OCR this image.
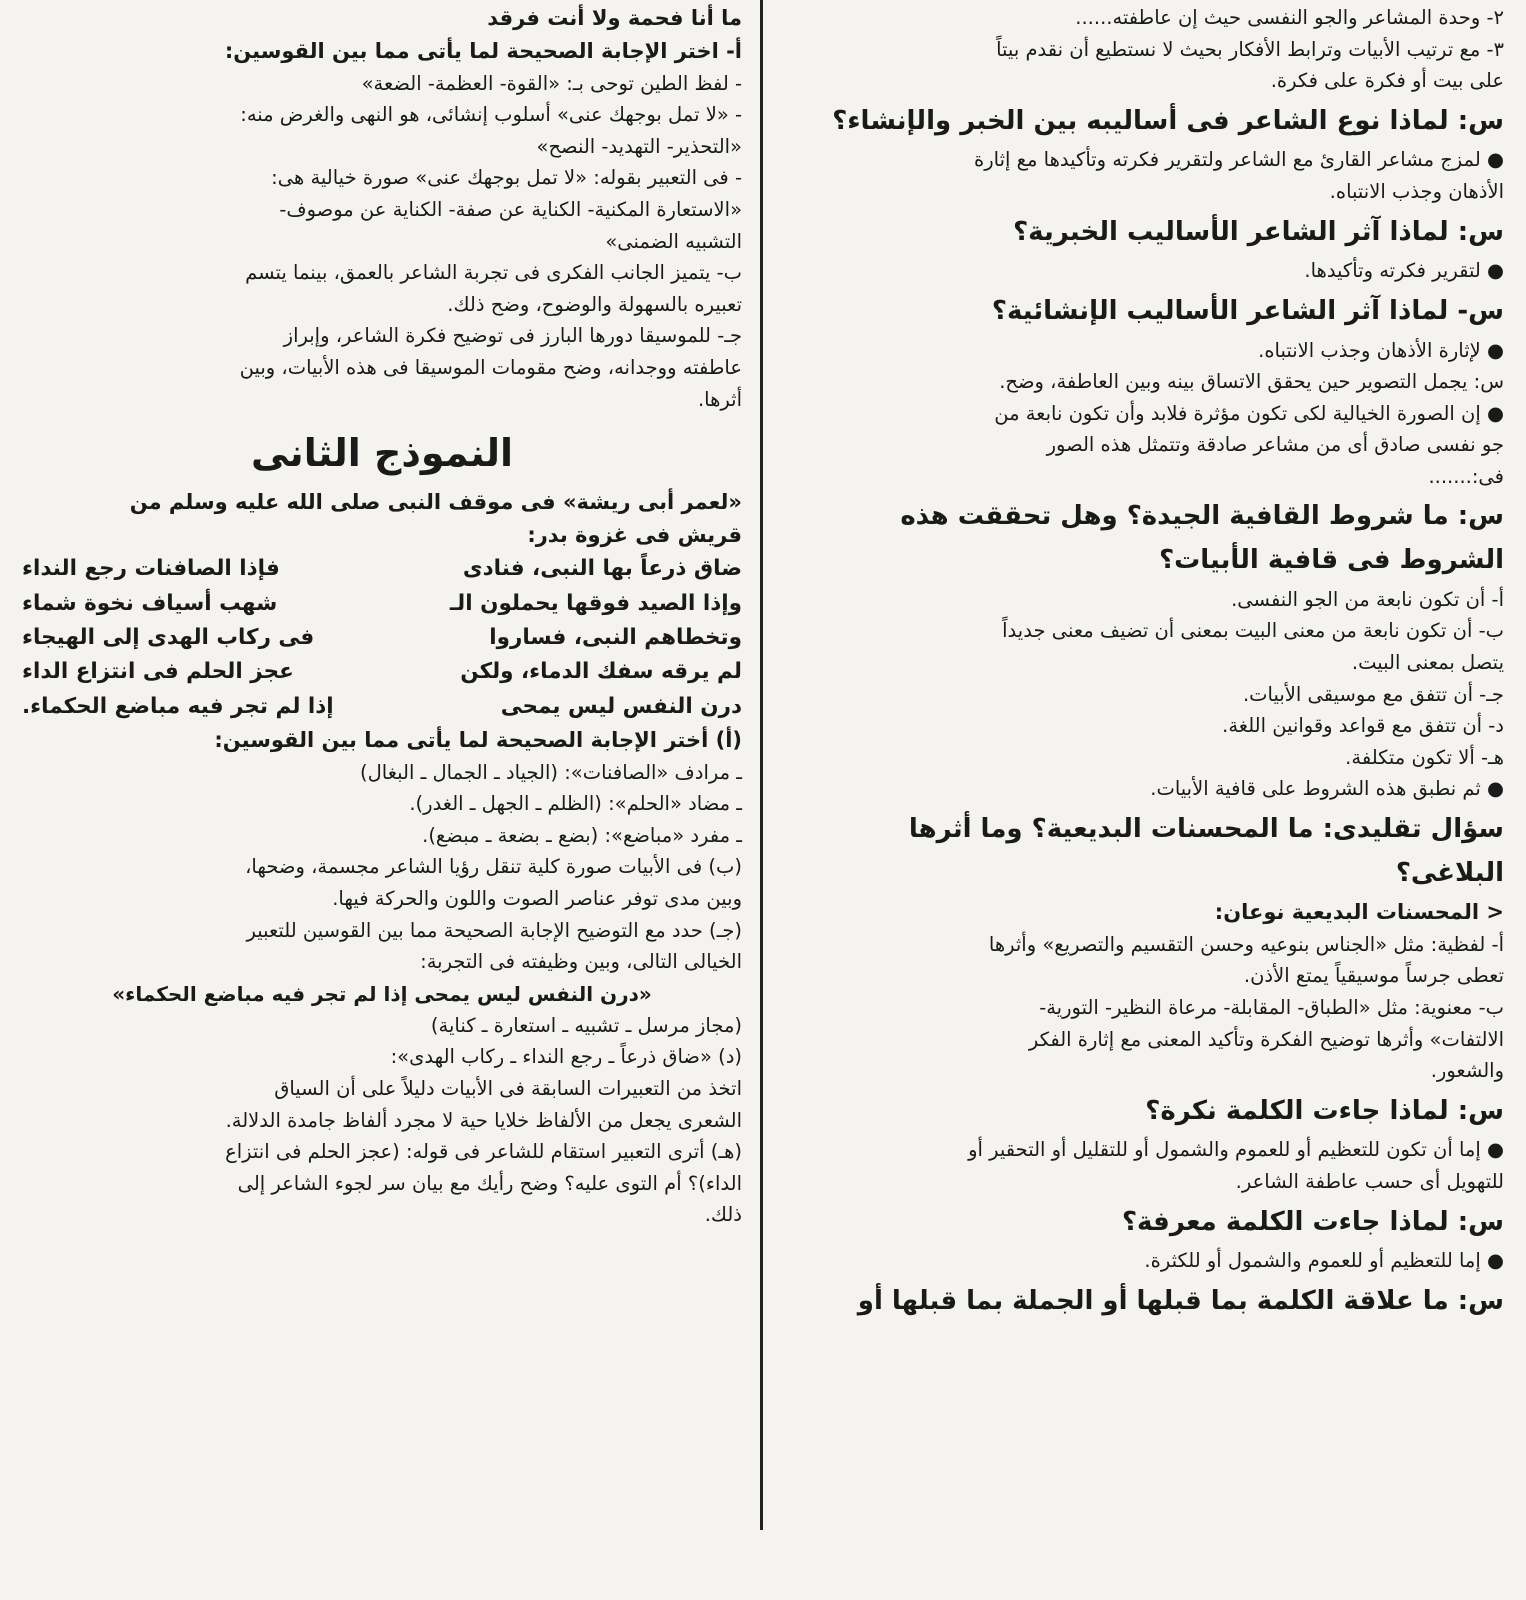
٢- وحدة المشاعر والجو النفسى حيث إن عاطفته......

٣- مع ترتيب الأبيات وترابط الأفكار بحيث لا نستطيع أن نقدم بيتاً

على بيت أو فكرة على فكرة.

س: لماذا نوع الشاعر فى أساليبه بين الخبر والإنشاء؟

● لمزج مشاعر القارئ مع الشاعر ولتقرير فكرته وتأكيدها مع إثارة

الأذهان وجذب الانتباه.

س: لماذا آثر الشاعر الأساليب الخبرية؟

● لتقرير فكرته وتأكيدها.

س- لماذا آثر الشاعر الأساليب الإنشائية؟

● لإثارة الأذهان وجذب الانتباه.

س: يجمل التصوير حين يحقق الاتساق بينه وبين العاطفة، وضح.

● إن الصورة الخيالية لكى تكون مؤثرة فلابد وأن تكون نابعة من

جو نفسى صادق أى من مشاعر صادقة وتتمثل هذه الصور

فى:.......

س: ما شروط القافية الجيدة؟ وهل تحققت هذه

الشروط فى قافية الأبيات؟

أ- أن تكون نابعة من الجو النفسى.

ب- أن تكون نابعة من معنى البيت بمعنى أن تضيف معنى جديداً

يتصل بمعنى البيت.

جـ- أن تتفق مع موسيقى الأبيات.

د- أن تتفق مع قواعد وقوانين اللغة.

هـ- ألا تكون متكلفة.

● ثم نطبق هذه الشروط على قافية الأبيات.

سؤال تقليدى: ما المحسنات البديعية؟ وما أثرها

البلاغى؟

< المحسنات البديعية نوعان:

أ- لفظية: مثل «الجناس بنوعيه وحسن التقسيم والتصريع» وأثرها

تعطى جرساً موسيقياً يمتع الأذن.

ب- معنوية: مثل «الطباق- المقابلة- مرعاة النظير- التورية-

الالتفات» وأثرها توضيح الفكرة وتأكيد المعنى مع إثارة الفكر

والشعور.

س: لماذا جاءت الكلمة نكرة؟

● إما أن تكون للتعظيم أو للعموم والشمول أو للتقليل أو التحقير أو

للتهويل أى حسب عاطفة الشاعر.

س: لماذا جاءت الكلمة معرفة؟

● إما للتعظيم أو للعموم والشمول أو للكثرة.

س: ما علاقة الكلمة بما قبلها أو الجملة بما قبلها أو

ما أنا فحمة ولا أنت فرقد

أ- اختر الإجابة الصحيحة لما يأتى مما بين القوسين:

- لفظ الطين توحى بـ: «القوة- العظمة- الضعة»

- «لا تمل بوجهك عنى» أسلوب إنشائى، هو النهى والغرض منه:

«التحذير- التهديد- النصح»

- فى التعبير بقوله: «لا تمل بوجهك عنى» صورة خيالية هى:

«الاستعارة المكنية- الكناية عن صفة- الكناية عن موصوف-

التشبيه الضمنى»

ب- يتميز الجانب الفكرى فى تجربة الشاعر بالعمق، بينما يتسم

تعبيره بالسهولة والوضوح، وضح ذلك.

جـ- للموسيقا دورها البارز فى توضيح فكرة الشاعر، وإبراز

عاطفته ووجدانه، وضح مقومات الموسيقا فى هذه الأبيات، وبين

أثرها.

النموذج الثانى

«لعمر أبى ريشة» فى موقف النبى صلى الله عليه وسلم من

قريش فى غزوة بدر:

ضاق ذرعاً بها النبى، فنادى
فإذا الصافنات رجع النداء
وإذا الصيد فوقها يحملون الـ
شهب أسياف نخوة شماء
وتخطاهم النبى، فساروا
فى ركاب الهدى إلى الهيجاء
لم يرقه سفك الدماء، ولكن
عجز الحلم فى انتزاع الداء
درن النفس ليس يمحى
إذا لم تجر فيه مباضع الحكماء.

(أ) أختر الإجابة الصحيحة لما يأتى مما بين القوسين:

ـ مرادف «الصافنات»: (الجياد ـ الجمال ـ البغال)

ـ مضاد «الحلم»: (الظلم ـ الجهل ـ الغدر).

ـ مفرد «مباضع»: (بضع ـ بضعة ـ مبضع).

(ب) فى الأبيات صورة كلية تنقل رؤيا الشاعر مجسمة، وضحها،

وبين مدى توفر عناصر الصوت واللون والحركة فيها.

(جـ) حدد مع التوضيح الإجابة الصحيحة مما بين القوسين للتعبير

الخيالى التالى، وبين وظيفته فى التجربة:

«درن النفس ليس يمحى إذا لم تجر فيه مباضع الحكماء»

(مجاز مرسل ـ تشبيه ـ استعارة ـ كناية)

(د) «ضاق ذرعاً ـ رجع النداء ـ ركاب الهدى»:

اتخذ من التعبيرات السابقة فى الأبيات دليلاً على أن السياق

الشعرى يجعل من الألفاظ خلايا حية لا مجرد ألفاظ جامدة الدلالة.

(هـ) أترى التعبير استقام للشاعر فى قوله: (عجز الحلم فى انتزاع

الداء)؟ أم التوى عليه؟ وضح رأيك مع بيان سر لجوء الشاعر إلى

ذلك.
